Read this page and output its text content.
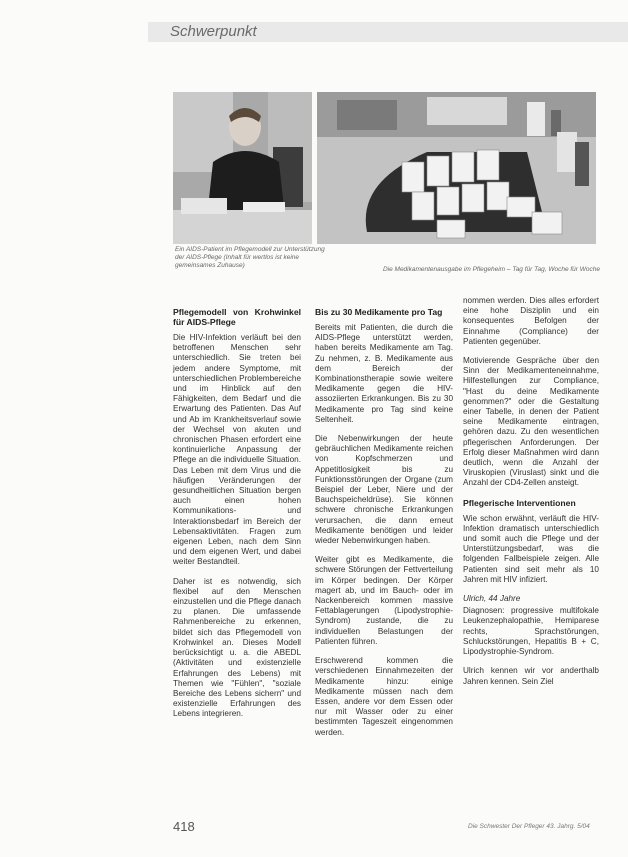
Schwerpunkt
Ein AIDS-Patient im Pflegemodell zur Unterstützung der AIDS-Pflege (Inhalt für wertlos ist keine gemeinsames Zuhause)
Die Medikamentenausgabe im Pflegeheim – Tag für Tag, Woche für Woche
Pflegemodell von Krohwinkel für AIDS-Pflege

Die HIV-Infektion verläuft bei den betroffenen Menschen sehr unterschiedlich. Sie treten bei jedem andere Symptome, mit unterschiedlichen Problembereiche und im Hinblick auf den Fähigkeiten, dem Bedarf und die Erwartung des Patienten. Das Auf und Ab im Krankheitsverlauf sowie der Wechsel von akuten und chronischen Phasen erfordert eine kontinuierliche Anpassung der Pflege an die individuelle Situation. Das Leben mit dem Virus und die häufigen Veränderungen der gesundheitlichen Situation bergen auch einen hohen Kommunikations- und Interaktionsbedarf im Bereich der Lebensaktivitäten. Fragen zum eigenen Leben, nach dem Sinn und dem eigenen Wert, und dabei weiter Bestandteil.

Daher ist es notwendig, sich flexibel auf den Menschen einzustellen und die Pflege danach zu planen. Die umfassende Rahmenbereiche zu erkennen, bildet sich das Pflegemodell von Krohwinkel an. Dieses Modell berücksichtigt u. a. die ABEDL (Aktivitäten und existenzielle Erfahrungen des Lebens) mit Themen wie "Fühlen", "soziale Bereiche des Lebens sichern" und existenzielle Erfahrungen des Lebens integrieren.

Bis zu 30 Medikamente pro Tag

Bereits mit Patienten, die durch die AIDS-Pflege unterstützt werden, haben bereits Medikamente am Tag. Zu nehmen, z. B. Medikamente aus dem Bereich der Kombinationstherapie sowie weitere Medikamente gegen die HIV-assoziierten Erkrankungen. Bis zu 30 Medikamente pro Tag sind keine Seltenheit.

Die Nebenwirkungen der heute gebräuchlichen Medikamente reichen von Kopfschmerzen und Appetitlosigkeit bis zu Funktionsstörungen der Organe (zum Beispiel der Leber, Niere und der Bauchspeicheldrüse). Sie können schwere chronische Erkrankungen verursachen, die dann erneut Medikamente benötigen und leider wieder Nebenwirkungen haben.

Weiter gibt es Medikamente, die schwere Störungen der Fettverteilung im Körper bedingen. Der Körper magert ab, und im Bauch- oder im Nackenbereich kommen massive Fettablagerungen (Lipodystrophie-Syndrom) zustande, die zu individuellen Belastungen der Patienten führen.

Erschwerend kommen die verschiedenen Einnahmezeiten der Medikamente hinzu: einige Medikamente müssen nach dem Essen, andere vor dem Essen oder nur mit Wasser oder zu einer bestimmten Tageszeit eingenommen werden.

nommen werden. Dies alles erfordert eine hohe Disziplin und ein konsequentes Befolgen der Einnahme (Compliance) der Patienten gegenüber.

Motivierende Gespräche über den Sinn der Medikamenteneinnahme, Hilfestellungen zur Compliance, "Hast du deine Medikamente genommen?" oder die Gestaltung einer Tabelle, in denen der Patient seine Medikamente eintragen, gehören dazu. Zu den wesentlichen pflegerischen Anforderungen. Der Erfolg dieser Maßnahmen wird dann deutlich, wenn die Anzahl der Viruskopien (Viruslast) sinkt und die Anzahl der CD4-Zellen ansteigt.

Pflegerische Interventionen

Wie schon erwähnt, verläuft die HIV-Infektion dramatisch unterschiedlich und somit auch die Pflege und der Unterstützungsbedarf, was die folgenden Fallbeispiele zeigen. Alle Patienten sind seit mehr als 10 Jahren mit HIV infiziert.

Ulrich, 44 Jahre

Diagnosen: progressive multifokale Leukenzephalopathie, Hemiparese rechts, Sprachstörungen, Schluckstörungen, Hepatitis B + C, Lipodystrophie-Syndrom.

Ulrich kennen wir vor anderthalb Jahren kennen. Sein Ziel

418	Die Schwester Der Pfleger 43. Jahrg. 5/04
